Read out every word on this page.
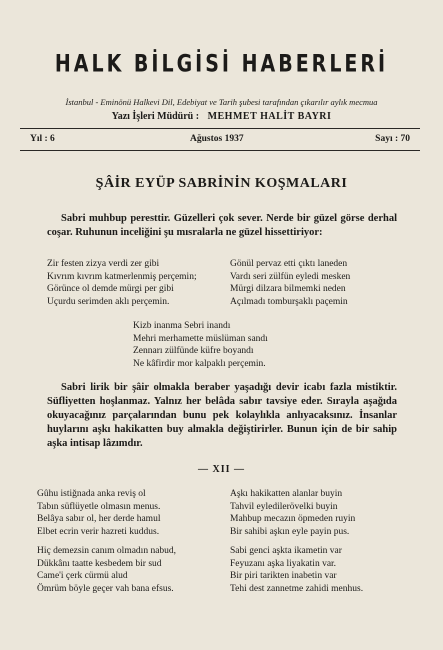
HALK BİLGİSİ HABERLERİ
İstanbul - Eminönü Halkevi Dil, Edebiyat ve Tarih şubesi tarafından çıkarılır aylık mecmua
Yazı İşleri Müdürü : MEHMET HALİT BAYRI
Yıl : 6	Ağustos 1937	Sayı : 70
ŞÂİR EYÜP SABRİNİN KOŞMALARI
Sabri muhbup peresttir. Güzelleri çok sever. Nerde bir güzel görse derhal coşar. Ruhunun inceliğini şu mısralarla ne güzel hissettiriyor:
Zir festen zizya verdi zer gibi
Kıvrım kıvrım katmerlenmiş perçemin;
Görünce ol demde mürgi per gibi
Uçurdu serimden aklı perçemin.
Gönül pervaz etti çıktı laneden
Vardı seri zülfün eyledi mesken
Mürgi dilzara bilmemki neden
Açılmadı tomburşaklı paçemin
Kizb inanma Sebri inandı
Mehri merhamette müslüman sandı
Zennarı zülfünde küfre boyandı
Ne kâfirdir mor kalpaklı perçemin.
Sabri lirik bir şâir olmakla beraber yaşadığı devir icabı fazla mistiktir. Süfliyetten hoşlanmaz. Yalnız her belâda sabır tavsiye eder. Sırayla aşağıda okuyacağınız parçalarından bunu pek kolaylıkla anlıyacaksınız. İnsanlar huylarını aşkı hakikatten buy almakla değiştirirler. Bunun için de bir sahip aşka intisap lâzımdır.
— XII —
Gûhu istiğnada anka reviş ol
Tabın süflüyetle olmasın menus.
Belâya sabır ol, her derde hamul
Elbet ecrin verir hazreti kuddus.
Aşkı hakikatten alanlar buyin
Tahvil eyledilerövelki buyin
Mahbup mecazın öpmeden ruyin
Bir sahibi aşkın eyle payin pus.
Hiç demezsin canım olmadın nabud,
Dükkânı taatte kesbedem bir sud
Came'i çerk cürmü alud
Ömrüm böyle geçer vah bana efsus.
Sabi genci aşkta ikametin var
Feyuzanı aşka liyakatin var.
Bir piri tarikten inabetin var
Tehi dest zannetme zahidi menhus.
